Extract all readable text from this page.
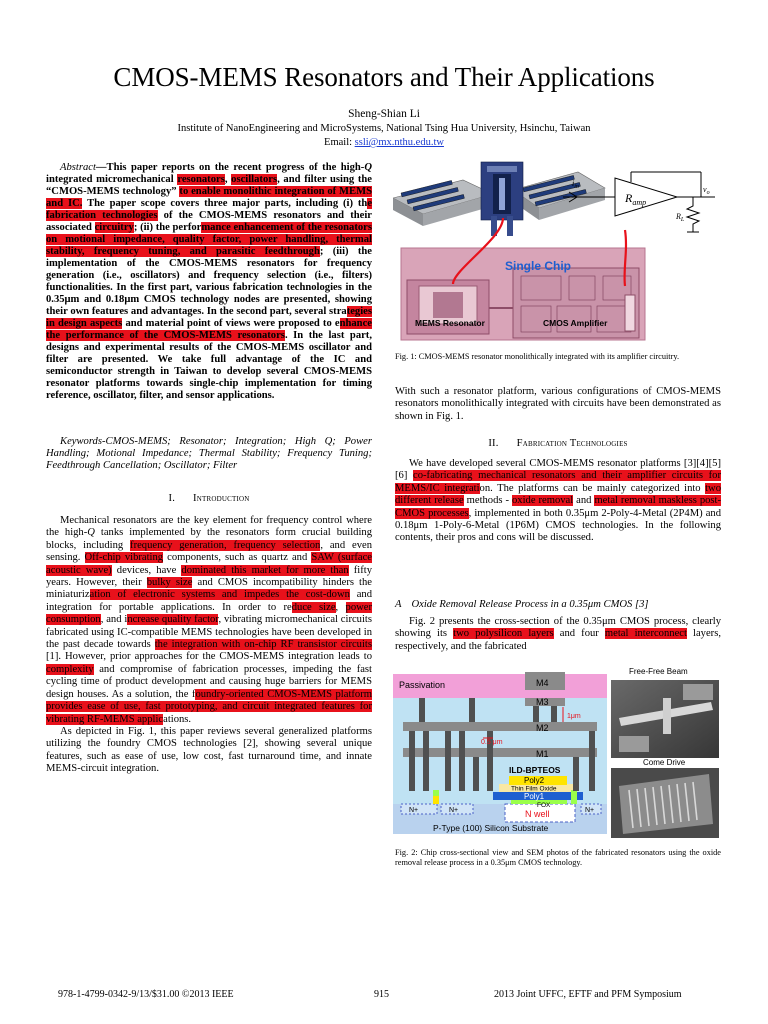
CMOS-MEMS Resonators and Their Applications
Sheng-Shian Li
Institute of NanoEngineering and MicroSystems, National Tsing Hua University, Hsinchu, Taiwan
Email: ssli@mx.nthu.edu.tw
Abstract—This paper reports on the recent progress of the high-Q integrated micromechanical resonators, oscillators, and filter using the “CMOS-MEMS technology” to enable monolithic integration of MEMS and IC. The paper scope covers three major parts, including (i) the fabrication technologies of the CMOS-MEMS resonators and their associated circuitry; (ii) the performance enhancement of the resonators on motional impedance, quality factor, power handling, thermal stability, frequency tuning, and parasitic feedthrough; (iii) the implementation of the CMOS-MEMS resonators for frequency generation (i.e., oscillators) and frequency selection (i.e., filters) functionalities. In the first part, various fabrication technologies in the 0.35μm and 0.18μm CMOS technology nodes are presented, showing their own features and advantages. In the second part, several strategies in design aspects and material point of views were proposed to enhance the performance of the CMOS-MEMS resonators. In the last part, designs and experimental results of the CMOS-MEMS oscillator and filter are presented. We take full advantage of the IC and semiconductor strength in Taiwan to develop several CMOS-MEMS resonator platforms towards single-chip implementation for timing reference, oscillator, filter, and sensor applications.
Keywords-CMOS-MEMS; Resonator; Integration; High Q; Power Handling; Motional Impedance; Thermal Stability; Frequency Tuning; Feedthrough Cancellation; Oscillator; Filter
I. Introduction

Mechanical resonators are the key element for frequency control where the high-Q tanks implemented by the resonators form crucial building blocks, including frequency generation, frequency selection, and even sensing. Off-chip vibrating components, such as quartz and SAW (surface acoustic wave) devices, have dominated this market for more than fifty years. However, their bulky size and CMOS incompatibility hinders the miniaturization of electronic systems and impedes the cost-down and integration for portable applications. In order to reduce size, power consumption, and increase quality factor, vibrating micromechanical circuits fabricated using IC-compatible MEMS technologies have been developed in the past decade towards the integration with on-chip RF transistor circuits [1]. However, prior approaches for the CMOS-MEMS integration leads to complexity and compromise of fabrication processes, impeding the fast cycling time of product development and causing huge barriers for MEMS design houses. As a solution, the foundry-oriented CMOS-MEMS platform provides ease of use, fast prototyping, and circuit integrated features for vibrating RF-MEMS applications.

As depicted in Fig. 1, this paper reviews several generalized platforms utilizing the foundry CMOS technologies [2], showing several unique features, such as ease of use, low cost, fast turnaround time, and innate MEMS-circuit integration.

$i_{in}$
$R_{amp}$
$v_o$
$R_L$
Single Chip
MEMS Resonator	CMOS Amplifier
Fig. 1: CMOS-MEMS resonator monolithically integrated with its amplifier circuitry.

With such a resonator platform, various configurations of CMOS-MEMS resonators monolithically integrated with circuits have been demonstrated as shown in Fig. 1.

II. Fabrication Technologies

We have developed several CMOS-MEMS resonator platforms [3][4][5][6] co-fabricating mechanical resonators and their amplifier circuits for MEMS/IC integration. The platforms can be mainly categorized into two different release methods - oxide removal and metal removal maskless post-CMOS processes, implemented in both 0.35μm 2-Poly-4-Metal (2P4M) and 0.18μm 1-Poly-6-Metal (1P6M) CMOS technologies. In the following contents, their pros and cons will be discussed.

A Oxide Removal Release Process in a 0.35μm CMOS [3]

Fig. 2 presents the cross-section of the 0.35μm CMOS process, clearly showing its two polysilicon layers and four metal interconnect layers, respectively, and the fabricated

Passivation	M4
M3
M2
M1
1μm
0.5 μm
ILD-BPTEOS
Poly2
Thin Film Oxide
Poly1
FOX
N+	N+	N+
N well
P-Type (100) Silicon Substrate
Free-Free Beam
Come Drive
Fig. 2: Chip cross-sectional view and SEM photos of the fabricated resonators using the oxide removal release process in a 0.35μm CMOS technology.
978-1-4799-0342-9/13/$31.00 ©2013 IEEE	915	2013 Joint UFFC, EFTF and PFM Symposium
